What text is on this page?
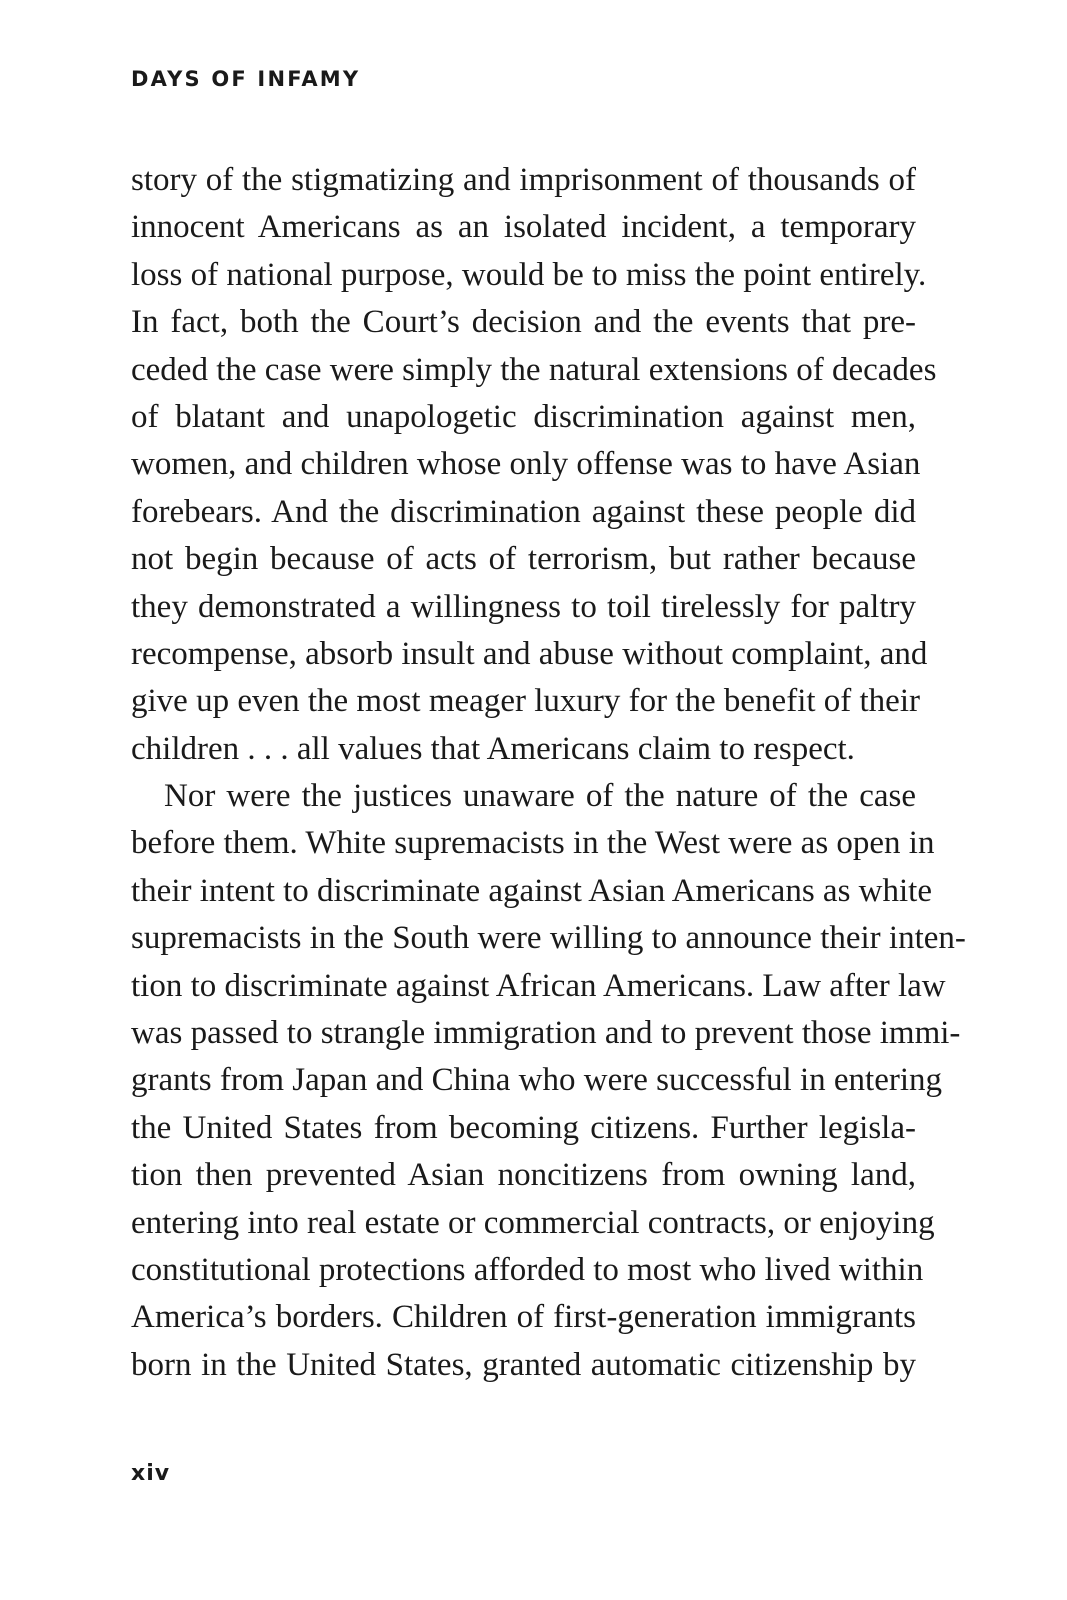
DAYS OF INFAMY
story of the stigmatizing and imprisonment of thousands of
innocent Americans as an isolated incident, a temporary
loss of national purpose, would be to miss the point entirely.
In fact, both the Court’s decision and the events that pre-
ceded the case were simply the natural extensions of decades
of blatant and unapologetic discrimination against men,
women, and children whose only offense was to have Asian
forebears. And the discrimination against these people did
not begin because of acts of terrorism, but rather because
they demonstrated a willingness to toil tirelessly for paltry
recompense, absorb insult and abuse without complaint, and
give up even the most meager luxury for the benefit of their
children . . . all values that Americans claim to respect.
Nor were the justices unaware of the nature of the case
before them. White supremacists in the West were as open in
their intent to discriminate against Asian Americans as white
supremacists in the South were willing to announce their inten-
tion to discriminate against African Americans. Law after law
was passed to strangle immigration and to prevent those immi-
grants from Japan and China who were successful in entering
the United States from becoming citizens. Further legisla-
tion then prevented Asian noncitizens from owning land,
entering into real estate or commercial contracts, or enjoying
constitutional protections afforded to most who lived within
America’s borders. Children of first-generation immigrants
born in the United States, granted automatic citizenship by
xiv
